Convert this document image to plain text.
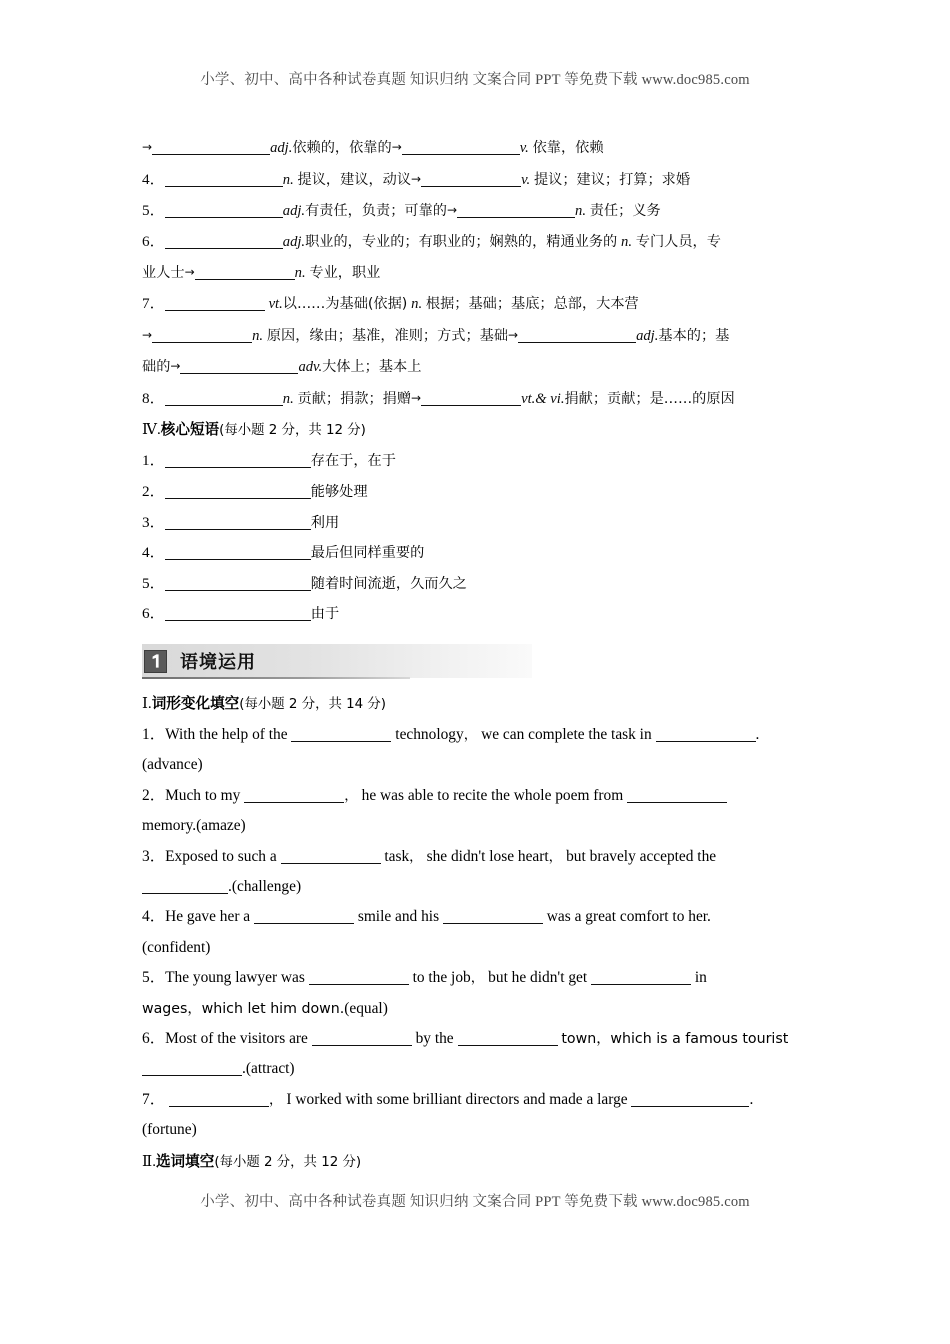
小学、初中、高中各种试卷真题 知识归纳 文案合同 PPT 等免费下载 www.doc985.com
→	adj.依赖的，依靠的→	v. 依靠，依赖
4．	n. 提议，建议，动议→	v. 提议；建议；打算；求婚
5．	adj.有责任，负责；可靠的→	n. 责任；义务
6．	adj.职业的，专业的；有职业的；娴熟的，精通业务的 n. 专门人员，专
业人士→	n. 专业，职业
7．	vt.以……为基础(依据) n. 根据；基础；基底；总部，大本营
→	n. 原因，缘由；基准，准则；方式；基础→	adj.基本的；基
础的→	adv.大体上；基本上
8．	n. 贡献；捐款；捐赠→	vt.& vi.捐献；贡献；是……的原因
Ⅳ.核心短语(每小题 2 分，共 12 分)
1．	存在于，在于
2．	能够处理
3．	利用
4．	最后但同样重要的
5．	随着时间流逝，久而久之
6．	由于
语境运用
Ⅰ.词形变化填空(每小题 2 分，共 14 分)
1．With the help of the	technology， we can complete the task in	.
(advance)
2．Much to my	， he was able to recite the whole poem from
memory.(amaze)
3．Exposed to such a	task， she didn't lose heart， but bravely accepted the
.(challenge)
4．He gave her a	smile and his	was a great comfort to her.
(confident)
5．The young lawyer was	to the job， but he didn't get	in
wages，which let him down.(equal)
6．Most of the visitors are	by the	town，which is a famous tourist
.(attract)
7．	， I worked with some brilliant directors and made a large	.
(fortune)
Ⅱ.选词填空(每小题 2 分，共 12 分)
小学、初中、高中各种试卷真题 知识归纳 文案合同 PPT 等免费下载 www.doc985.com
